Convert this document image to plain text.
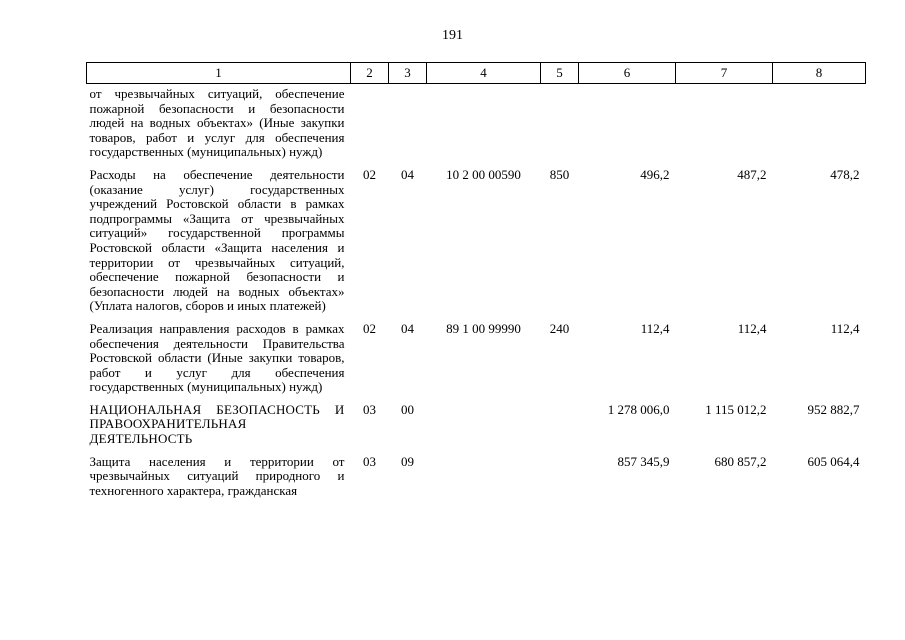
191
1	2	3	4	5	6	7	8
от чрезвычайных ситуаций, обеспечение пожарной безопасности и безопасности людей на водных объектах» (Иные закупки товаров, работ и услуг для обеспечения государственных (муниципальных) нужд)							
Расходы на обеспечение деятельности (оказание услуг) государственных учреждений Ростовской области в рамках подпрограммы «Защита от чрезвычайных ситуаций» государственной программы Ростовской области «Защита населения и территории от чрезвычайных ситуаций, обеспечение пожарной безопасности и безопасности людей на водных объектах» (Уплата налогов, сборов и иных платежей)	02	04	10 2 00 00590	850	496,2	487,2	478,2
Реализация направления расходов в рамках обеспечения деятельности Правительства Ростовской области (Иные закупки товаров, работ и услуг для обеспечения государственных (муниципальных) нужд)	02	04	89 1 00 99990	240	112,4	112,4	112,4
НАЦИОНАЛЬНАЯ БЕЗОПАСНОСТЬ И ПРАВООХРАНИТЕЛЬНАЯ ДЕЯТЕЛЬНОСТЬ	03	00			1 278 006,0	1 115 012,2	952 882,7
Защита населения и территории от чрезвычайных ситуаций природного и техногенного характера, гражданская	03	09			857 345,9	680 857,2	605 064,4
